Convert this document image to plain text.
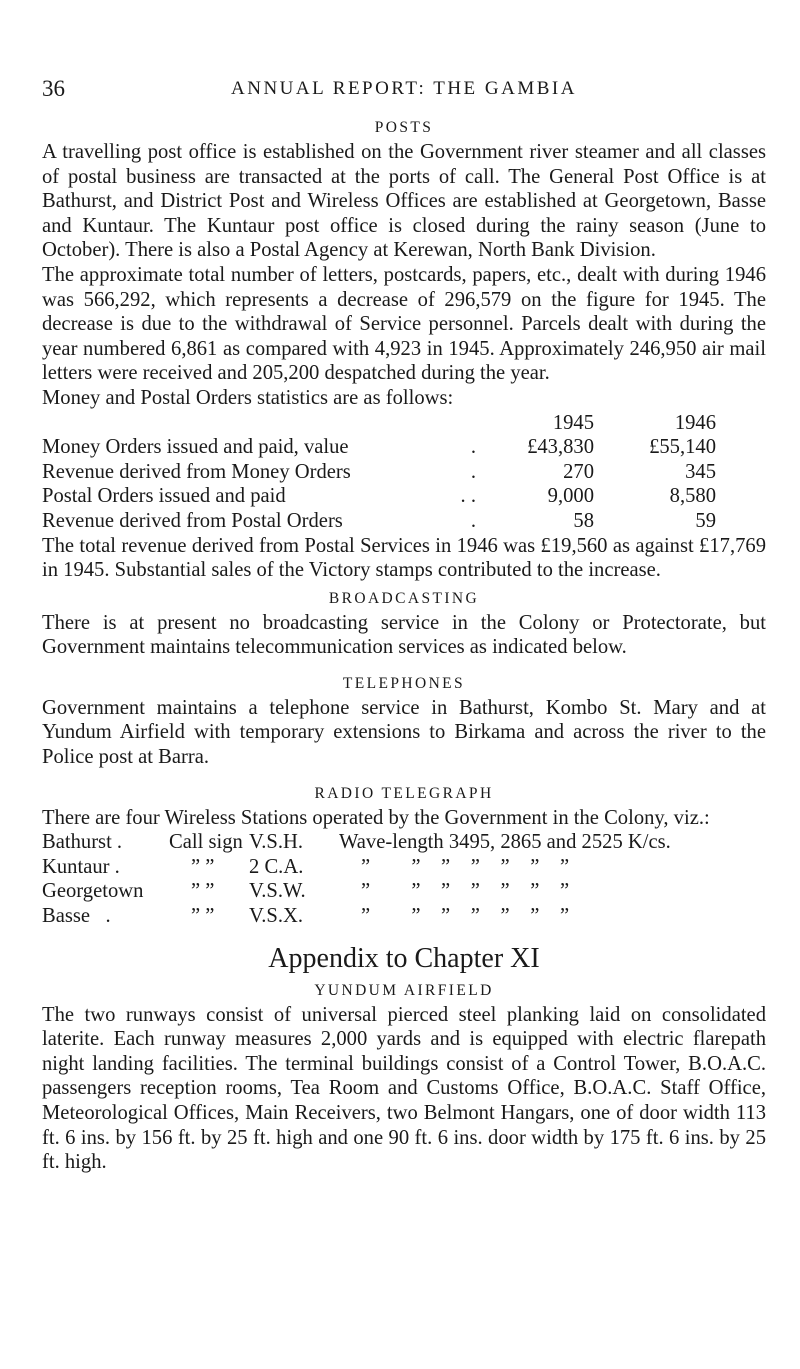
36	ANNUAL REPORT: THE GAMBIA
POSTS

A travelling post office is established on the Government river steamer and all classes of postal business are transacted at the ports of call. The General Post Office is at Bathurst, and District Post and Wireless Offices are established at Georgetown, Basse and Kuntaur. The Kuntaur post office is closed during the rainy season (June to October). There is also a Postal Agency at Kerewan, North Bank Division.

The approximate total number of letters, postcards, papers, etc., dealt with during 1946 was 566,292, which represents a decrease of 296,579 on the figure for 1945. The decrease is due to the withdrawal of Service personnel. Parcels dealt with during the year numbered 6,861 as compared with 4,923 in 1945. Approximately 246,950 air mail letters were received and 205,200 despatched during the year.

Money and Postal Orders statistics are as follows:

	1945	1946	
Money Orders issued and paid, value .	£43,830	£55,140	
Revenue derived from Money Orders .	270	345	
Postal Orders issued and paid . .	9,000	8,580	
Revenue derived from Postal Orders .	58	59	

The total revenue derived from Postal Services in 1946 was £19,560 as against £17,769 in 1945. Substantial sales of the Victory stamps contributed to the increase.

BROADCASTING

There is at present no broadcasting service in the Colony or Protectorate, but Government maintains telecommunication services as indicated below.

TELEPHONES

Government maintains a telephone service in Bathurst, Kombo St. Mary and at Yundum Airfield with temporary extensions to Birkama and across the river to the Police post at Barra.

RADIO TELEGRAPH

There are four Wireless Stations operated by the Government in the Colony, viz.:

Bathurst .	Call sign	V.S.H.	Wave-length 3495, 2865 and 2525 K/cs.
Kuntaur .	” ”	2 C.A.	”        ”    ”    ”    ”    ”    ”
Georgetown	” ”	V.S.W.	”        ”    ”    ”    ”    ”    ”
Basse   .	” ”	V.S.X.	”        ”    ”    ”    ”    ”    ”
Appendix to Chapter XI
YUNDUM AIRFIELD

The two runways consist of universal pierced steel planking laid on consolidated laterite. Each runway measures 2,000 yards and is equipped with electric flarepath night landing facilities. The terminal buildings consist of a Control Tower, B.O.A.C. passengers reception rooms, Tea Room and Customs Office, B.O.A.C. Staff Office, Meteorological Offices, Main Receivers, two Belmont Hangars, one of door width 113 ft. 6 ins. by 156 ft. by 25 ft. high and one 90 ft. 6 ins. door width by 175 ft. 6 ins. by 25 ft. high.
